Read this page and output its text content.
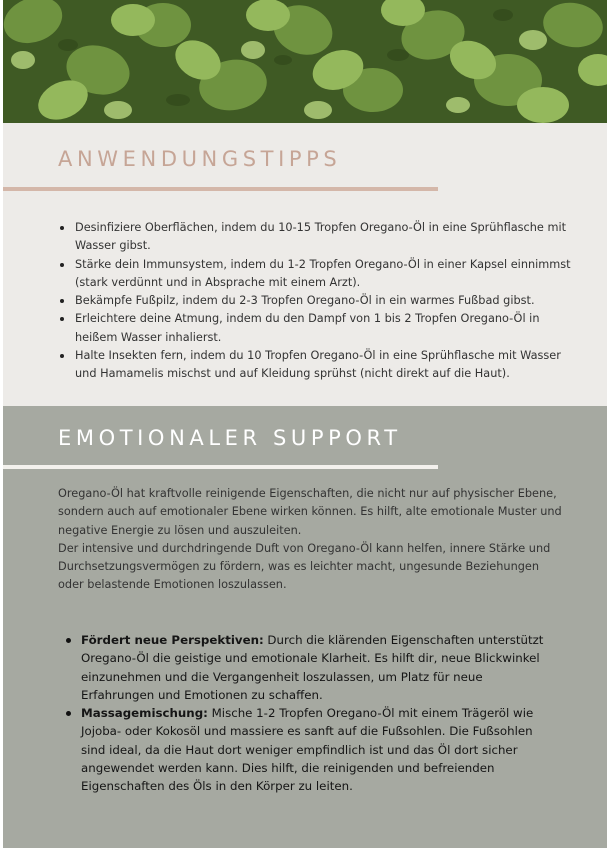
ANWENDUNGSTIPPS
Desinfiziere Oberflächen, indem du 10-15 Tropfen Oregano-Öl in eine Sprühflasche mit Wasser gibst.
Stärke dein Immunsystem, indem du 1-2 Tropfen Oregano-Öl in einer Kapsel einnimmst (stark verdünnt und in Absprache mit einem Arzt).
Bekämpfe Fußpilz, indem du 2-3 Tropfen Oregano-Öl in ein warmes Fußbad gibst.
Erleichtere deine Atmung, indem du den Dampf von 1 bis 2 Tropfen Oregano-Öl in heißem Wasser inhalierst.
Halte Insekten fern, indem du 10 Tropfen Oregano-Öl in eine Sprühflasche mit Wasser und Hamamelis mischst und auf Kleidung sprühst (nicht direkt auf die Haut).
EMOTIONALER SUPPORT

Oregano-Öl hat kraftvolle reinigende Eigenschaften, die nicht nur auf physischer Ebene, sondern auch auf emotionaler Ebene wirken können. Es hilft, alte emotionale Muster und negative Energie zu lösen und auszuleiten.

Der intensive und durchdringende Duft von Oregano-Öl kann helfen, innere Stärke und Durchsetzungsvermögen zu fördern, was es leichter macht, ungesunde Beziehungen oder belastende Emotionen loszulassen.

Fördert neue Perspektiven: Durch die klärenden Eigenschaften unterstützt Oregano-Öl die geistige und emotionale Klarheit. Es hilft dir, neue Blickwinkel einzunehmen und die Vergangenheit loszulassen, um Platz für neue Erfahrungen und Emotionen zu schaffen.
Massagemischung: Mische 1-2 Tropfen Oregano-Öl mit einem Trägeröl wie Jojoba- oder Kokosöl und massiere es sanft auf die Fußsohlen. Die Fußsohlen sind ideal, da die Haut dort weniger empfindlich ist und das Öl dort sicher angewendet werden kann. Dies hilft, die reinigenden und befreienden Eigenschaften des Öls in den Körper zu leiten.
